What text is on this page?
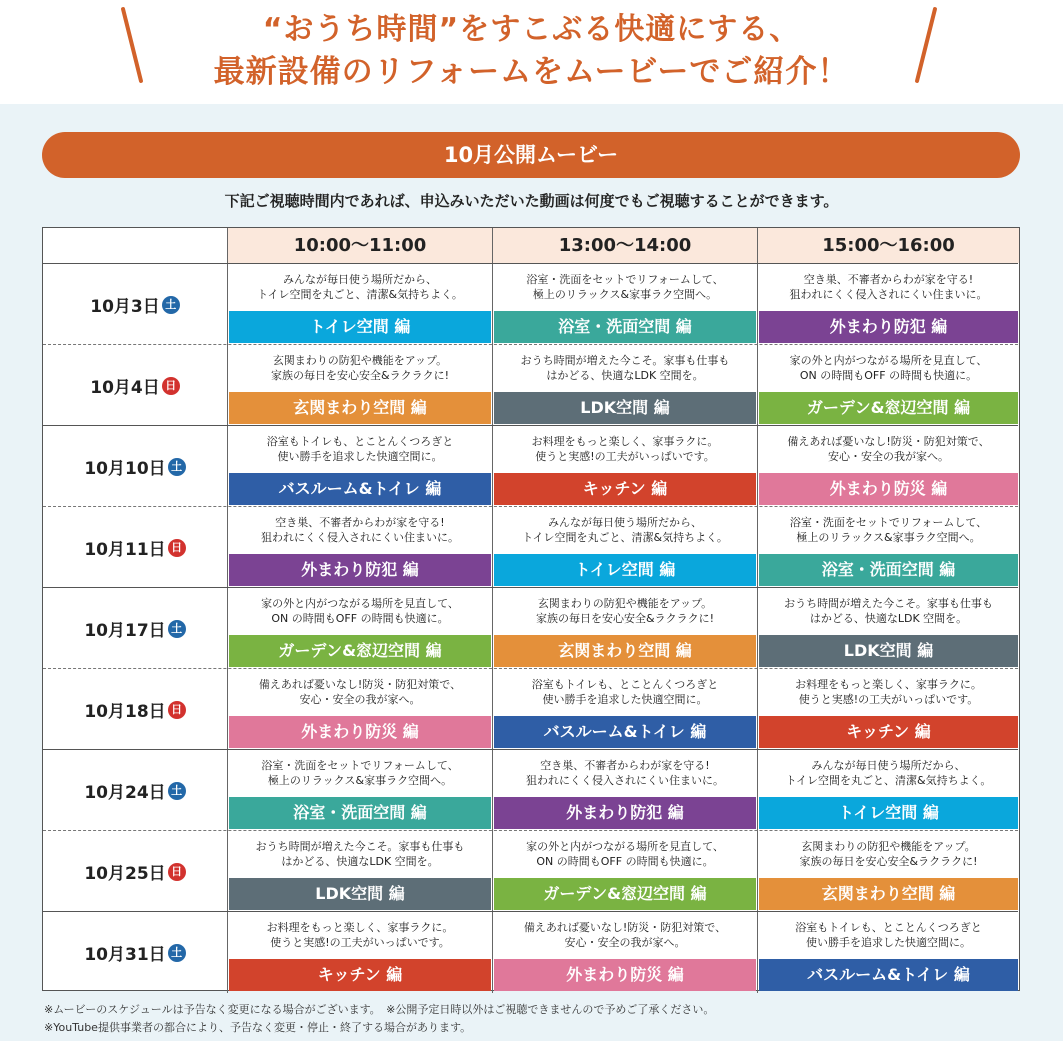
“おうち時間”をすこぶる快適にする、
最新設備のリフォームをムービーでご紹介！
10月公開ムービー
下記ご視聴時間内であれば、申込みいただいた動画は何度でもご視聴することができます。
10:00〜11:00	13:00〜14:00	15:00〜16:00
10月3日 土
みんなが毎日使う場所だから、
トイレ空間を丸ごと、清潔&気持ちよく。
トイレ空間 編
浴室・洗面をセットでリフォームして、
極上のリラックス&家事ラク空間へ。
浴室・洗面空間 編
空き巣、不審者からわが家を守る!
狙われにくく侵入されにくい住まいに。
外まわり防犯 編
10月4日 日
玄関まわりの防犯や機能をアップ。
家族の毎日を安心安全&ラクラクに!
玄関まわり空間 編
おうち時間が増えた今こそ。家事も仕事も
はかどる、快適なLDK 空間を。
LDK空間 編
家の外と内がつながる場所を見直して、
ON の時間もOFF の時間も快適に。
ガーデン&窓辺空間 編
10月10日 土
浴室もトイレも、とことんくつろぎと
使い勝手を追求した快適空間に。
バスルーム&トイレ 編
お料理をもっと楽しく、家事ラクに。
使うと実感!の工夫がいっぱいです。
キッチン 編
備えあれば憂いなし!防災・防犯対策で、
安心・安全の我が家へ。
外まわり防災 編
10月11日 日
空き巣、不審者からわが家を守る!
狙われにくく侵入されにくい住まいに。
外まわり防犯 編
みんなが毎日使う場所だから、
トイレ空間を丸ごと、清潔&気持ちよく。
トイレ空間 編
浴室・洗面をセットでリフォームして、
極上のリラックス&家事ラク空間へ。
浴室・洗面空間 編
10月17日 土
家の外と内がつながる場所を見直して、
ON の時間もOFF の時間も快適に。
ガーデン&窓辺空間 編
玄関まわりの防犯や機能をアップ。
家族の毎日を安心安全&ラクラクに!
玄関まわり空間 編
おうち時間が増えた今こそ。家事も仕事も
はかどる、快適なLDK 空間を。
LDK空間 編
10月18日 日
備えあれば憂いなし!防災・防犯対策で、
安心・安全の我が家へ。
外まわり防災 編
浴室もトイレも、とことんくつろぎと
使い勝手を追求した快適空間に。
バスルーム&トイレ 編
お料理をもっと楽しく、家事ラクに。
使うと実感!の工夫がいっぱいです。
キッチン 編
10月24日 土
浴室・洗面をセットでリフォームして、
極上のリラックス&家事ラク空間へ。
浴室・洗面空間 編
空き巣、不審者からわが家を守る!
狙われにくく侵入されにくい住まいに。
外まわり防犯 編
みんなが毎日使う場所だから、
トイレ空間を丸ごと、清潔&気持ちよく。
トイレ空間 編
10月25日 日
おうち時間が増えた今こそ。家事も仕事も
はかどる、快適なLDK 空間を。
LDK空間 編
家の外と内がつながる場所を見直して、
ON の時間もOFF の時間も快適に。
ガーデン&窓辺空間 編
玄関まわりの防犯や機能をアップ。
家族の毎日を安心安全&ラクラクに!
玄関まわり空間 編
10月31日 土
お料理をもっと楽しく、家事ラクに。
使うと実感!の工夫がいっぱいです。
キッチン 編
備えあれば憂いなし!防災・防犯対策で、
安心・安全の我が家へ。
外まわり防災 編
浴室もトイレも、とことんくつろぎと
使い勝手を追求した快適空間に。
バスルーム&トイレ 編
※ムービーのスケジュールは予告なく変更になる場合がございます。　※公開予定日時以外はご視聴できませんので予めご了承ください。
※YouTube提供事業者の都合により、予告なく変更・停止・終了する場合があります。
